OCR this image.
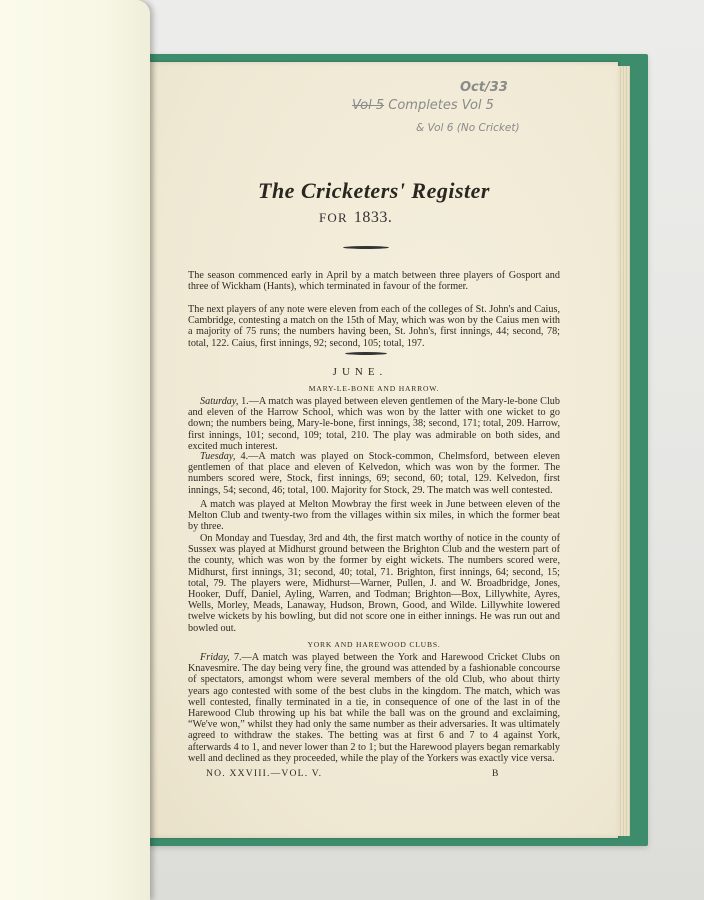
Oct/33
Vol 5 Completes Vol 5
& Vol 6 (No Cricket)
The Cricketers' Register
FOR 1833.

The season commenced early in April by a match between three players of Gosport and three of Wickham (Hants), which terminated in favour of the former.

The next players of any note were eleven from each of the colleges of St. John's and Caius, Cambridge, contesting a match on the 15th of May, which was won by the Caius men with a majority of 75 runs; the numbers having been, St. John's, first innings, 44; second, 78; total, 122. Caius, first innings, 92; second, 105; total, 197.

JUNE.
MARY-LE-BONE AND HARROW.

Saturday, 1.—A match was played between eleven gentlemen of the Mary-le-bone Club and eleven of the Harrow School, which was won by the latter with one wicket to go down; the numbers being, Mary-le-bone, first innings, 38; second, 171; total, 209. Harrow, first innings, 101; second, 109; total, 210. The play was admirable on both sides, and excited much interest.

Tuesday, 4.—A match was played on Stock-common, Chelmsford, between eleven gentlemen of that place and eleven of Kelvedon, which was won by the former. The numbers scored were, Stock, first innings, 69; second, 60; total, 129. Kelvedon, first innings, 54; second, 46; total, 100. Majority for Stock, 29. The match was well contested.

A match was played at Melton Mowbray the first week in June between eleven of the Melton Club and twenty-two from the villages within six miles, in which the former beat by three.

On Monday and Tuesday, 3rd and 4th, the first match worthy of notice in the county of Sussex was played at Midhurst ground between the Brighton Club and the western part of the county, which was won by the former by eight wickets. The numbers scored were, Midhurst, first innings, 31; second, 40; total, 71. Brighton, first innings, 64; second, 15; total, 79. The players were, Midhurst—Warner, Pullen, J. and W. Broadbridge, Jones, Hooker, Duff, Daniel, Ayling, Warren, and Todman; Brighton—Box, Lillywhite, Ayres, Wells, Morley, Meads, Lanaway, Hudson, Brown, Good, and Wilde. Lillywhite lowered twelve wickets by his bowling, but did not score one in either innings. He was run out and bowled out.

YORK AND HAREWOOD CLUBS.

Friday, 7.—A match was played between the York and Harewood Cricket Clubs on Knavesmire. The day being very fine, the ground was attended by a fashionable concourse of spectators, amongst whom were several members of the old Club, who about thirty years ago contested with some of the best clubs in the kingdom. The match, which was well contested, finally terminated in a tie, in consequence of one of the last in of the Harewood Club throwing up his bat while the ball was on the ground and exclaiming, “We've won,” whilst they had only the same number as their adversaries. It was ultimately agreed to withdraw the stakes. The betting was at first 6 and 7 to 4 against York, afterwards 4 to 1, and never lower than 2 to 1; but the Harewood players began remarkably well and declined as they proceeded, while the play of the Yorkers was exactly vice versa.

NO. XXVIII.—VOL. V.	B
